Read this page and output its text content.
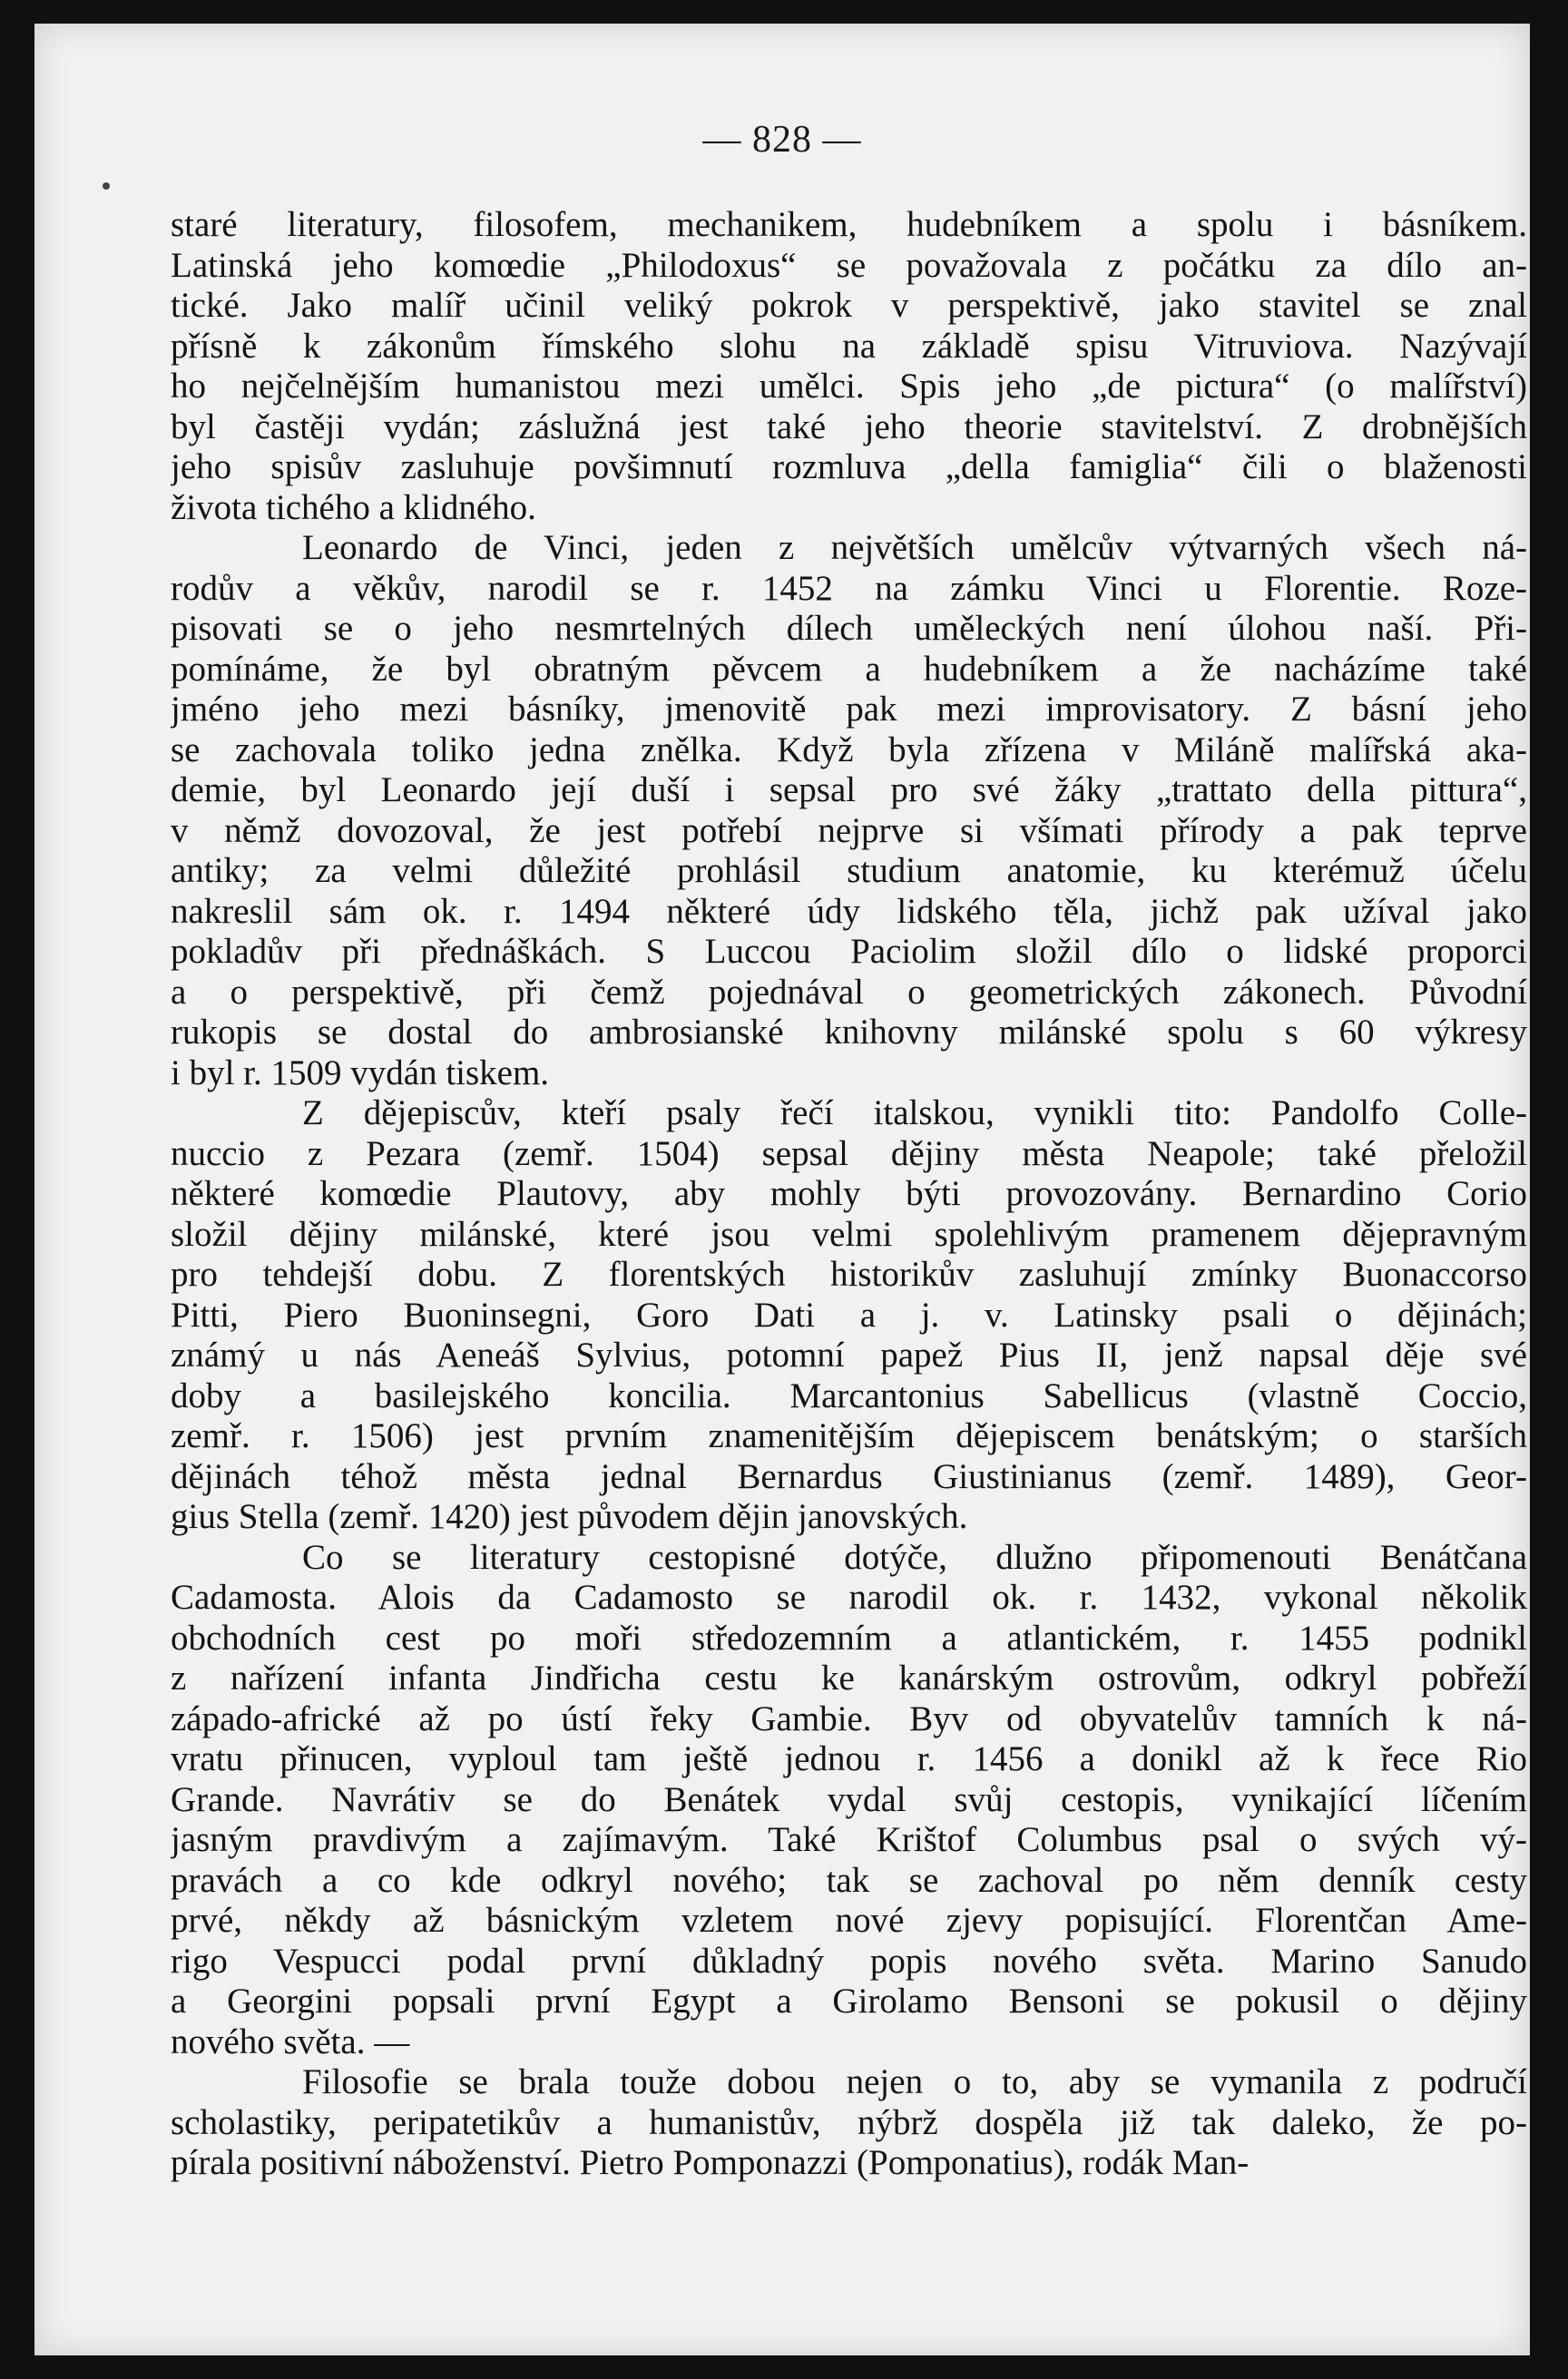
— 828 —
staré literatury, filosofem, mechanikem, hudebníkem a spolu i básníkem.
Latinská jeho komœdie „Philodoxus“ se považovala z počátku za dílo an-
tické. Jako malíř učinil veliký pokrok v perspektivě, jako stavitel se znal
přísně k zákonům římského slohu na základě spisu Vitruviova. Nazývají
ho nejčelnějším humanistou mezi umělci. Spis jeho „de pictura“ (o malířství)
byl častěji vydán; záslužná jest také jeho theorie stavitelství. Z drobnějších
jeho spisův zasluhuje povšimnutí rozmluva „della famiglia“ čili o blaženosti
života tichého a klidného.
Leonardo de Vinci, jeden z největších umělcův výtvarných všech ná-
rodův a věkův, narodil se r. 1452 na zámku Vinci u Florentie. Roze-
pisovati se o jeho nesmrtelných dílech uměleckých není úlohou naší. Při-
pomínáme, že byl obratným pěvcem a hudebníkem a že nacházíme také
jméno jeho mezi básníky, jmenovitě pak mezi improvisatory. Z básní jeho
se zachovala toliko jedna znělka. Když byla zřízena v Miláně malířská aka-
demie, byl Leonardo její duší i sepsal pro své žáky „trattato della pittura“,
v němž dovozoval, že jest potřebí nejprve si všímati přírody a pak teprve
antiky; za velmi důležité prohlásil studium anatomie, ku kterémuž účelu
nakreslil sám ok. r. 1494 některé údy lidského těla, jichž pak užíval jako
pokladův při přednáškách. S Luccou Paciolim složil dílo o lidské proporci
a o perspektivě, při čemž pojednával o geometrických zákonech. Původní
rukopis se dostal do ambrosianské knihovny milánské spolu s 60 výkresy
i byl r. 1509 vydán tiskem.
Z dějepiscův, kteří psaly řečí italskou, vynikli tito: Pandolfo Colle-
nuccio z Pezara (zemř. 1504) sepsal dějiny města Neapole; také přeložil
některé komœdie Plautovy, aby mohly býti provozovány. Bernardino Corio
složil dějiny milánské, které jsou velmi spolehlivým pramenem dějepravným
pro tehdejší dobu. Z florentských historikův zasluhují zmínky Buonaccorso
Pitti, Piero Buoninsegni, Goro Dati a j. v. Latinsky psali o dějinách;
známý u nás Aeneáš Sylvius, potomní papež Pius II, jenž napsal děje své
doby a basilejského koncilia. Marcantonius Sabellicus (vlastně Coccio,
zemř. r. 1506) jest prvním znamenitějším dějepiscem benátským; o starších
dějinách téhož města jednal Bernardus Giustinianus (zemř. 1489), Geor-
gius Stella (zemř. 1420) jest původem dějin janovských.
Co se literatury cestopisné dotýče, dlužno připomenouti Benátčana
Cadamosta. Alois da Cadamosto se narodil ok. r. 1432, vykonal několik
obchodních cest po moři středozemním a atlantickém, r. 1455 podnikl
z nařízení infanta Jindřicha cestu ke kanárským ostrovům, odkryl pobřeží
západo-africké až po ústí řeky Gambie. Byv od obyvatelův tamních k ná-
vratu přinucen, vyploul tam ještě jednou r. 1456 a donikl až k řece Rio
Grande. Navrátiv se do Benátek vydal svůj cestopis, vynikající líčením
jasným pravdivým a zajímavým. Také Krištof Columbus psal o svých vý-
pravách a co kde odkryl nového; tak se zachoval po něm denník cesty
prvé, někdy až básnickým vzletem nové zjevy popisující. Florentčan Ame-
rigo Vespucci podal první důkladný popis nového světa. Marino Sanudo
a Georgini popsali první Egypt a Girolamo Bensoni se pokusil o dějiny
nového světa. —
Filosofie se brala touže dobou nejen o to, aby se vymanila z područí
scholastiky, peripatetikův a humanistův, nýbrž dospěla již tak daleko, že po-
pírala positivní náboženství. Pietro Pomponazzi (Pomponatius), rodák Man-
